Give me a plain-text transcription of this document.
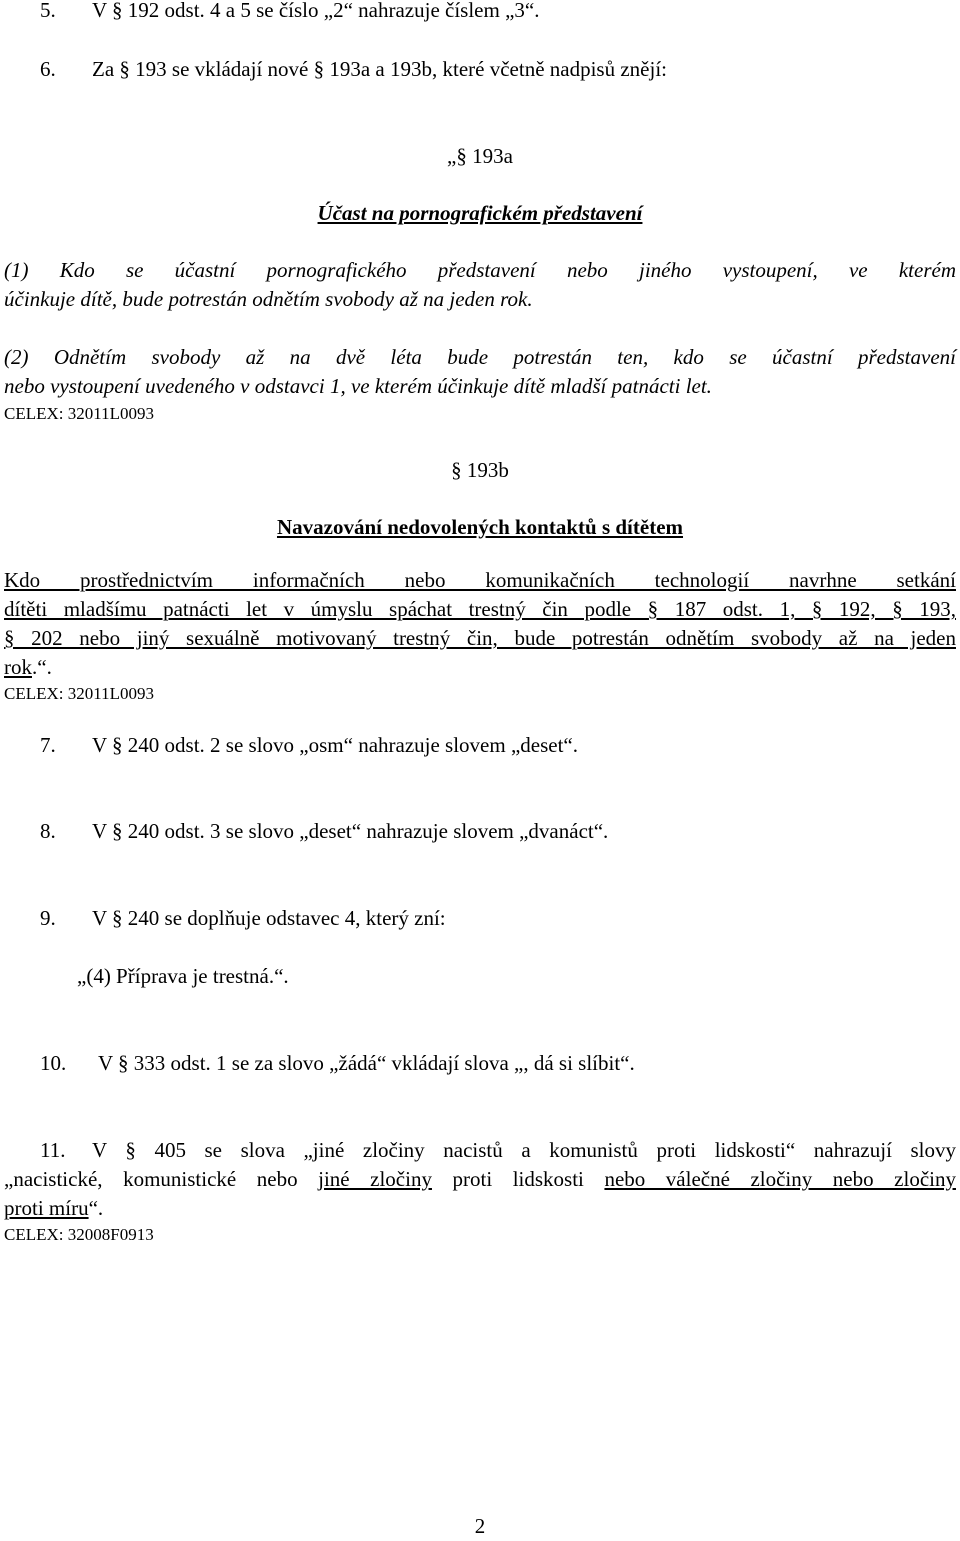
5. V § 192 odst. 4 a 5 se číslo „2“ nahrazuje číslem „3“.
6. Za § 193 se vkládají nové § 193a a 193b, které včetně nadpisů znějí:
„§ 193a
Účast na pornografickém představení
(1) Kdo se účastní pornografického představení nebo jiného vystoupení, ve kterém
účinkuje dítě, bude potrestán odnětím svobody až na jeden rok.
(2) Odnětím svobody až na dvě léta bude potrestán ten, kdo se účastní představení
nebo vystoupení uvedeného v odstavci 1, ve kterém účinkuje dítě mladší patnácti let.
CELEX: 32011L0093
§ 193b
Navazování nedovolených kontaktů s dítětem
Kdo prostřednictvím informačních nebo komunikačních technologií navrhne setkání
dítěti mladšímu patnácti let v úmyslu spáchat trestný čin podle § 187 odst. 1, § 192, § 193,
§ 202 nebo jiný sexuálně motivovaný trestný čin, bude potrestán odnětím svobody až na jeden
rok.“.
CELEX: 32011L0093
7. V § 240 odst. 2 se slovo „osm“ nahrazuje slovem „deset“.
8. V § 240 odst. 3 se slovo „deset“ nahrazuje slovem „dvanáct“.
9. V § 240 se doplňuje odstavec 4, který zní:
„(4) Příprava je trestná.“.
10. V § 333 odst. 1 se za slovo „žádá“ vkládají slova „, dá si slíbit“.
11. V § 405 se slova „jiné zločiny nacistů a komunistů proti lidskosti“ nahrazují slovy
„nacistické, komunistické nebo jiné zločiny proti lidskosti nebo válečné zločiny nebo zločiny
proti míru“.
CELEX: 32008F0913
2
